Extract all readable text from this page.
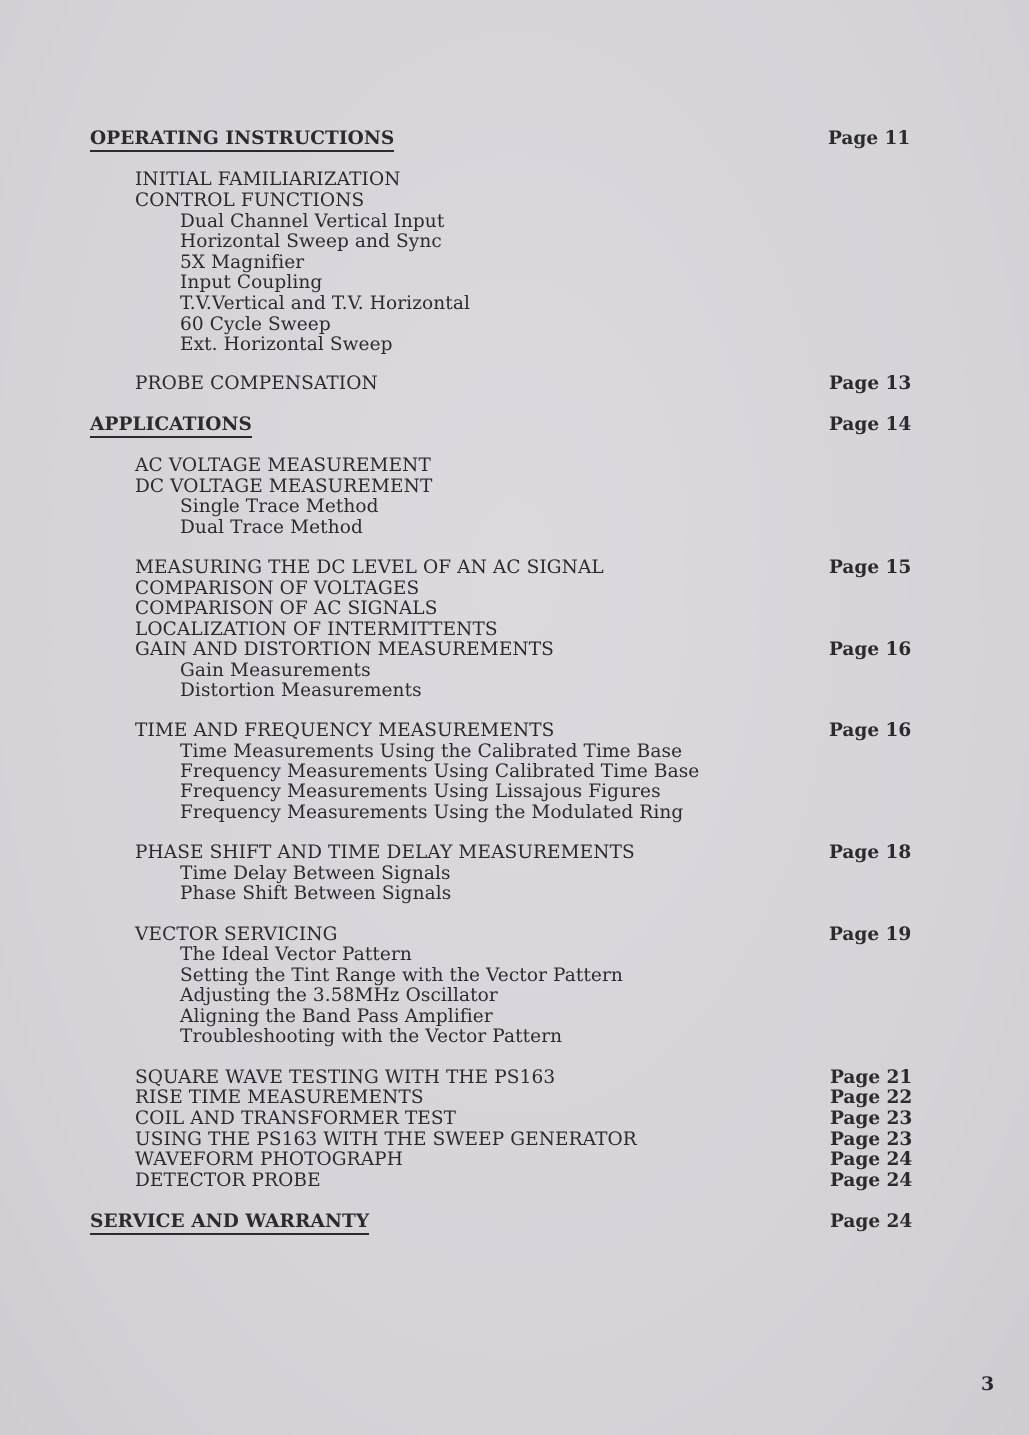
OPERATING INSTRUCTIONS	Page 11
INITIAL FAMILIARIZATION
CONTROL FUNCTIONS
Dual Channel Vertical Input
Horizontal Sweep and Sync
5X Magnifier
Input Coupling
T.V.Vertical and T.V. Horizontal
60 Cycle Sweep
Ext. Horizontal Sweep
PROBE COMPENSATION	Page 13
APPLICATIONS	Page 14
AC VOLTAGE MEASUREMENT
DC VOLTAGE MEASUREMENT
Single Trace Method
Dual Trace Method
MEASURING THE DC LEVEL OF AN AC SIGNAL	Page 15
COMPARISON OF VOLTAGES
COMPARISON OF AC SIGNALS
LOCALIZATION OF INTERMITTENTS
GAIN AND DISTORTION MEASUREMENTS	Page 16
Gain Measurements
Distortion Measurements
TIME AND FREQUENCY MEASUREMENTS	Page 16
Time Measurements Using the Calibrated Time Base
Frequency Measurements Using Calibrated Time Base
Frequency Measurements Using Lissajous Figures
Frequency Measurements Using the Modulated Ring
PHASE SHIFT AND TIME DELAY MEASUREMENTS	Page 18
Time Delay Between Signals
Phase Shift Between Signals
VECTOR SERVICING	Page 19
The Ideal Vector Pattern
Setting the Tint Range with the Vector Pattern
Adjusting the 3.58MHz Oscillator
Aligning the Band Pass Amplifier
Troubleshooting with the Vector Pattern
SQUARE WAVE TESTING WITH THE PS163	Page 21
RISE TIME MEASUREMENTS	Page 22
COIL AND TRANSFORMER TEST	Page 23
USING THE PS163 WITH THE SWEEP GENERATOR	Page 23
WAVEFORM PHOTOGRAPH	Page 24
DETECTOR PROBE	Page 24
SERVICE AND WARRANTY	Page 24
3
